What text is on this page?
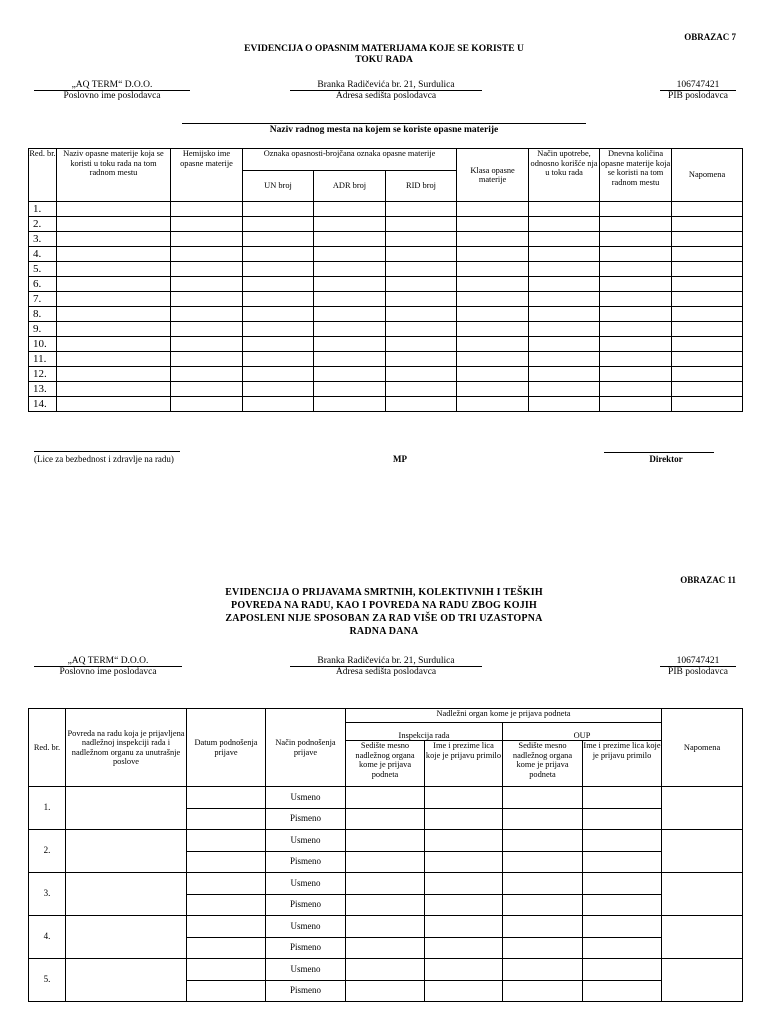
OBRAZAC 7
EVIDENCIJA O OPASNIM MATERIJAMA KOJE SE KORISTE U
TOKU RADA
„AQ TERM“ D.O.O.
Poslovno ime poslodavca
Branka Radičevića br. 21, Surdulica
Adresa sedišta poslodavca
106747421
PIB poslodavca
Naziv radnog mesta na kojem se koriste opasne materije
Red. br.	Naziv opasne materije koja se koristi u toku rada na tom radnom mestu	Hemijsko ime opasne materije	Oznaka opasnosti-brojčana oznaka opasne materije			Klasa opasne materije	Način upotrebe, odnosno korišće nja u toku rada	Dnevna količina opasne materije koja se koristi na tom radnom mestu	Napomena
			UN broj	ADR broj	RID broj				
1.									
2.									
3.									
4.									
5.									
6.									
7.									
8.									
9.									
10.									
11.									
12.									
13.									
14.									
(Lice za bezbednost i zdravlje na radu)	MP	Direktor
OBRAZAC 11
EVIDENCIJA O PRIJAVAMA SMRTNIH, KOLEKTIVNIH I TEŠKIH
POVREDA NA RADU, KAO I POVREDA NA RADU ZBOG KOJIH
ZAPOSLENI NIJE SPOSOBAN ZA RAD VIŠE OD TRI UZASTOPNA
RADNA DANA
„AQ TERM“ D.O.O.
Poslovno ime poslodavca
Branka Radičevića br. 21, Surdulica
Adresa sedišta poslodavca
106747421
PIB poslodavca
Red. br.	Povreda na radu koja je prijavljena nadležnoj inspekciji rada i nadležnom organu za unutrašnje poslove	Datum podnošenja prijave	Način podnošenja prijave	Nadležni organ kome je prijava podneta				Napomena
				Inspekcija rada		OUP		
				Sedište mesno nadležnog organa kome je prijava podneta	Ime i prezime lica koje je prijavu primilo	Sedište mesno nadležnog organa kome je prijava podneta	Ime i prezime lica koje je prijavu primilo	
1.			Usmeno					
			Pismeno					
2.			Usmeno					
			Pismeno					
3.			Usmeno					
			Pismeno					
4.			Usmeno					
			Pismeno					
5.			Usmeno					
			Pismeno					
